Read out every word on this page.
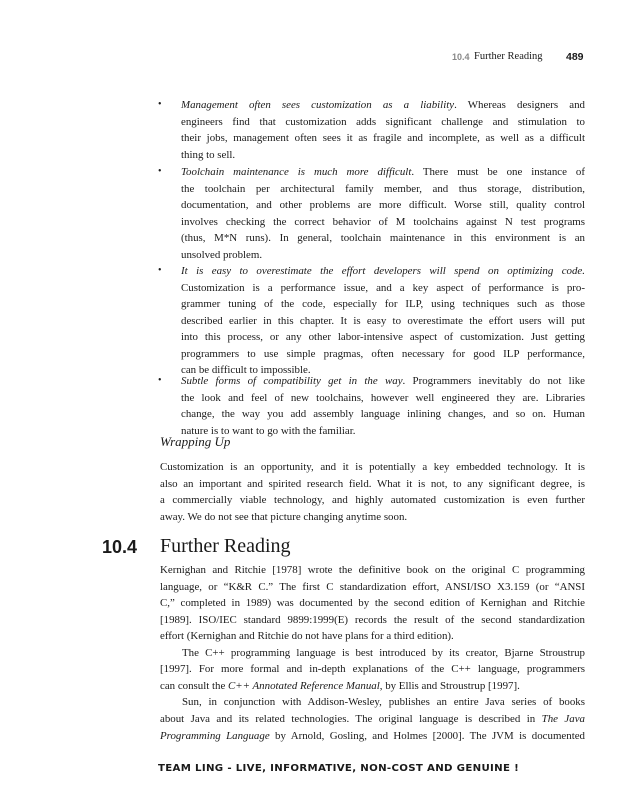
10.4 Further Reading 489
• Management often sees customization as a liability. Whereas designers and
engineers find that customization adds significant challenge and stimulation to
their jobs, management often sees it as fragile and incomplete, as well as a difficult
thing to sell.
• Toolchain maintenance is much more difficult. There must be one instance of
the toolchain per architectural family member, and thus storage, distribution,
documentation, and other problems are more difficult. Worse still, quality control
involves checking the correct behavior of M toolchains against N test programs
(thus, M*N runs). In general, toolchain maintenance in this environment is an
unsolved problem.
• It is easy to overestimate the effort developers will spend on optimizing code.
Customization is a performance issue, and a key aspect of performance is pro-
grammer tuning of the code, especially for ILP, using techniques such as those
described earlier in this chapter. It is easy to overestimate the effort users will put
into this process, or any other labor-intensive aspect of customization. Just getting
programmers to use simple pragmas, often necessary for good ILP performance,
can be difficult to impossible.
• Subtle forms of compatibility get in the way. Programmers inevitably do not like
the look and feel of new toolchains, however well engineered they are. Libraries
change, the way you add assembly language inlining changes, and so on. Human
nature is to want to go with the familiar.
Wrapping Up
Customization is an opportunity, and it is potentially a key embedded technology. It is
also an important and spirited research field. What it is not, to any significant degree, is
a commercially viable technology, and highly automated customization is even further
away. We do not see that picture changing anytime soon.
10.4 Further Reading
Kernighan and Ritchie [1978] wrote the definitive book on the original C programming
language, or “K&R C.” The first C standardization effort, ANSI/ISO X3.159 (or “ANSI
C,” completed in 1989) was documented by the second edition of Kernighan and Ritchie
[1989]. ISO/IEC standard 9899:1999(E) records the result of the second standardization
effort (Kernighan and Ritchie do not have plans for a third edition).
The C++ programming language is best introduced by its creator, Bjarne Stroustrup
[1997]. For more formal and in-depth explanations of the C++ language, programmers
can consult the C++ Annotated Reference Manual, by Ellis and Stroustrup [1997].
Sun, in conjunction with Addison-Wesley, publishes an entire Java series of books
about Java and its related technologies. The original language is described in The Java
Programming Language by Arnold, Gosling, and Holmes [2000]. The JVM is documented
TEAM LING - LIVE, INFORMATIVE, NON-COST AND GENUINE !
